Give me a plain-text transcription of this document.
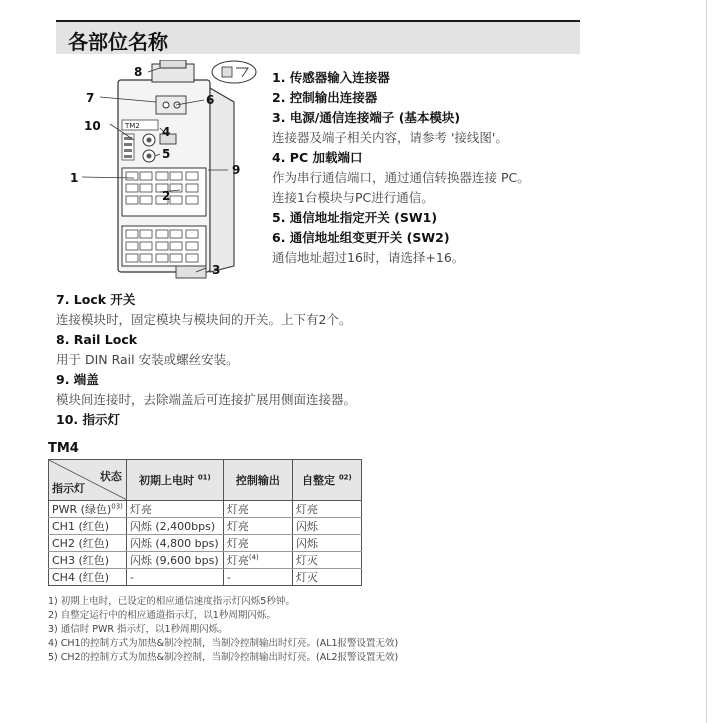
各部位名称
TM2
8
7
10
1
6
4
5
2
9
3
1. 传感器输入连接器
2. 控制输出连接器
3. 电源/通信连接端子 (基本模块)
连接器及端子相关内容，请参考 '接线图'。
4. PC 加载端口
作为串行通信端口，通过通信转换器连接 PC。
连接1台模块与PC进行通信。
5. 通信地址指定开关 (SW1)
6. 通信地址组变更开关 (SW2)
通信地址超过16时，请选择+16。
7. Lock 开关
连接模块时，固定模块与模块间的开关。上下有2个。
8. Rail Lock
用于 DIN Rail 安装或螺丝安装。
9. 端盖
模块间连接时，去除端盖后可连接扩展用侧面连接器。
10. 指示灯
TM4
状态
指示灯	初期上电时 $^{01)}$	控制输出	自整定 $^{02)}$
PWR (绿色)$^{03)}$	灯亮	灯亮	灯亮
CH1 (红色)	闪烁 (2,400bps)	灯亮	闪烁
CH2 (红色)	闪烁 (4,800 bps)	灯亮	闪烁
CH3 (红色)	闪烁 (9,600 bps)	灯亮$^{(4)}$	灯灭
CH4 (红色)	-	-	灯灭
1) 初期上电时，已设定的相应通信速度指示灯闪烁5秒钟。
2) 自整定运行中的相应通道指示灯，以1秒周期闪烁。
3) 通信时 PWR 指示灯，以1秒周期闪烁。
4) CH1的控制方式为加热&制冷控制，当制冷控制输出时灯亮。(AL1报警设置无效)
5) CH2的控制方式为加热&制冷控制，当制冷控制输出时灯亮。(AL2报警设置无效)
